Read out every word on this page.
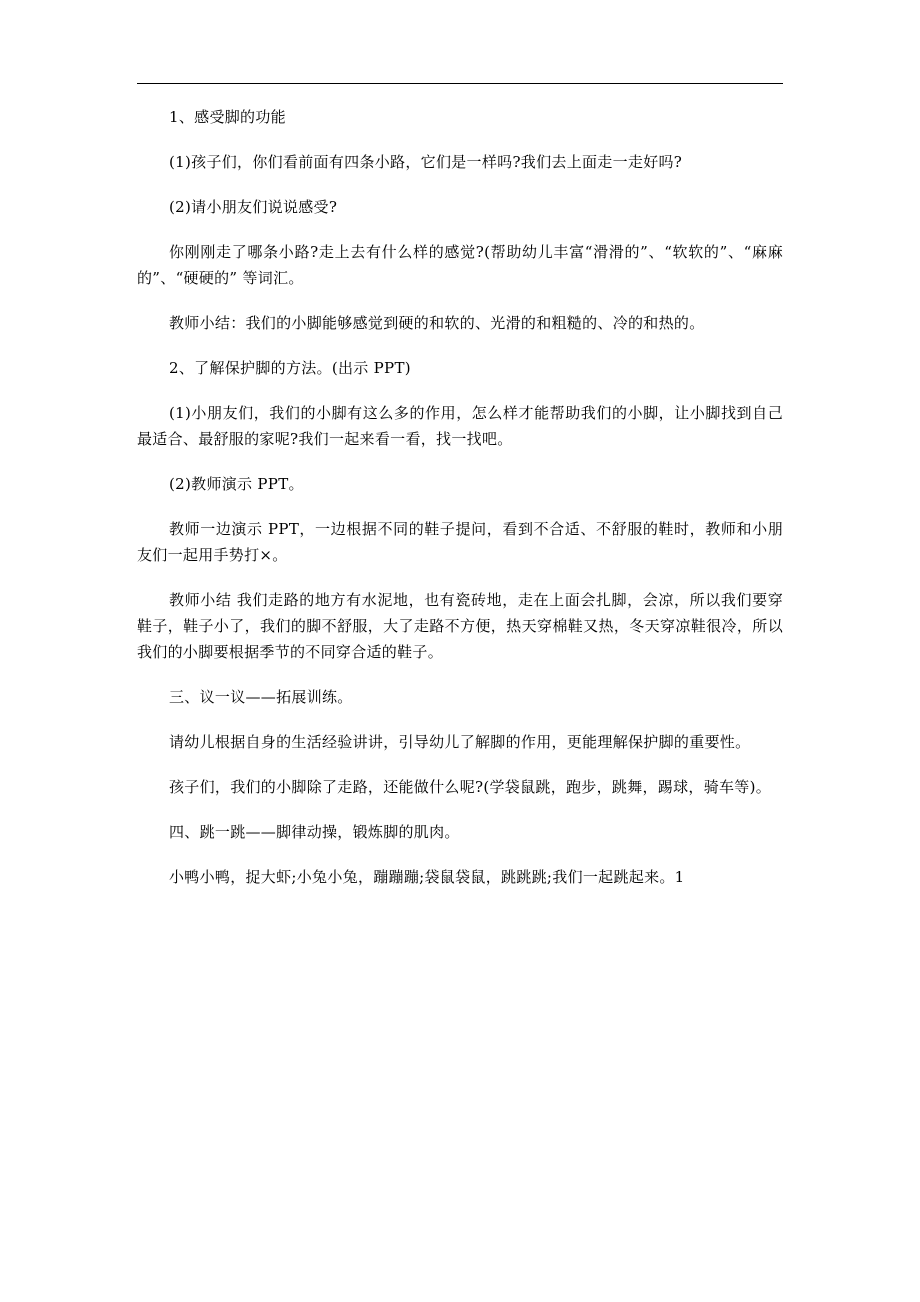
1、感受脚的功能

(1)孩子们，你们看前面有四条小路，它们是一样吗?我们去上面走一走好吗?

(2)请小朋友们说说感受?

你刚刚走了哪条小路?走上去有什么样的感觉?(帮助幼儿丰富“滑滑的”、“软软的”、“麻麻的”、“硬硬的” 等词汇。

教师小结：我们的小脚能够感觉到硬的和软的、光滑的和粗糙的、冷的和热的。

2、了解保护脚的方法。(出示 PPT)

(1)小朋友们，我们的小脚有这么多的作用，怎么样才能帮助我们的小脚，让小脚找到自己最适合、最舒服的家呢?我们一起来看一看，找一找吧。

(2)教师演示 PPT。

教师一边演示 PPT，一边根据不同的鞋子提问，看到不合适、不舒服的鞋时，教师和小朋友们一起用手势打×。

教师小结 我们走路的地方有水泥地，也有瓷砖地，走在上面会扎脚，会凉，所以我们要穿鞋子，鞋子小了，我们的脚不舒服，大了走路不方便，热天穿棉鞋又热，冬天穿凉鞋很冷，所以我们的小脚要根据季节的不同穿合适的鞋子。

三、议一议——拓展训练。

请幼儿根据自身的生活经验讲讲，引导幼儿了解脚的作用，更能理解保护脚的重要性。

孩子们，我们的小脚除了走路，还能做什么呢?(学袋鼠跳，跑步，跳舞，踢球，骑车等)。

四、跳一跳——脚律动操，锻炼脚的肌肉。

小鸭小鸭，捉大虾;小兔小兔，蹦蹦蹦;袋鼠袋鼠，跳跳跳;我们一起跳起来。1
